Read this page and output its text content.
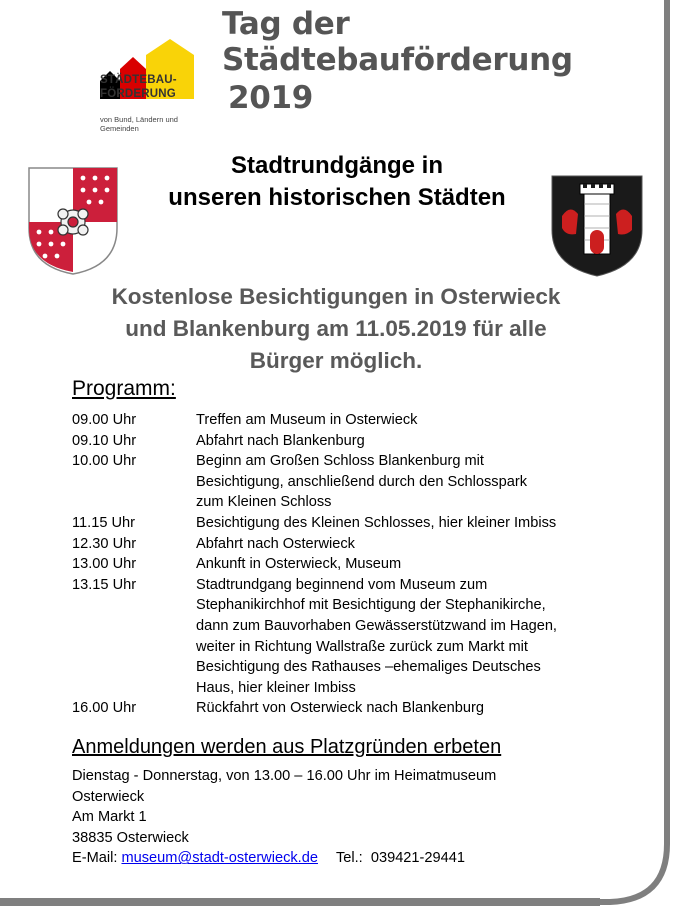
STÄDTEBAU-
FÖRDERUNG
von Bund, Ländern und
Gemeinden
Tag der
Städtebauförderung
2019
Stadtrundgänge in
unseren historischen Städten
Kostenlose Besichtigungen in Osterwieck
und Blankenburg am 11.05.2019 für alle
Bürger möglich.
Programm:
09.00 Uhr	Treffen am Museum in Osterwieck
09.10 Uhr	Abfahrt nach Blankenburg
10.00 Uhr	Beginn am Großen Schloss Blankenburg mit
Besichtigung, anschließend durch den Schlosspark
zum Kleinen Schloss
11.15 Uhr	Besichtigung des Kleinen Schlosses, hier kleiner Imbiss
12.30 Uhr	Abfahrt nach Osterwieck
13.00 Uhr	Ankunft in Osterwieck, Museum
13.15 Uhr	Stadtrundgang beginnend vom Museum zum
Stephanikirchhof mit Besichtigung der Stephanikirche,
dann zum Bauvorhaben Gewässerstützwand im Hagen,
weiter in Richtung Wallstraße zurück zum Markt mit
Besichtigung des Rathauses –ehemaliges Deutsches
Haus, hier kleiner Imbiss
16.00 Uhr	Rückfahrt von Osterwieck nach Blankenburg
Anmeldungen werden aus Platzgründen erbeten
Dienstag - Donnerstag, von 13.00 – 16.00 Uhr im Heimatmuseum
Osterwieck
Am Markt 1
38835 Osterwieck
E-Mail: museum@stadt-osterwieck.de Tel.: 039421-29441
